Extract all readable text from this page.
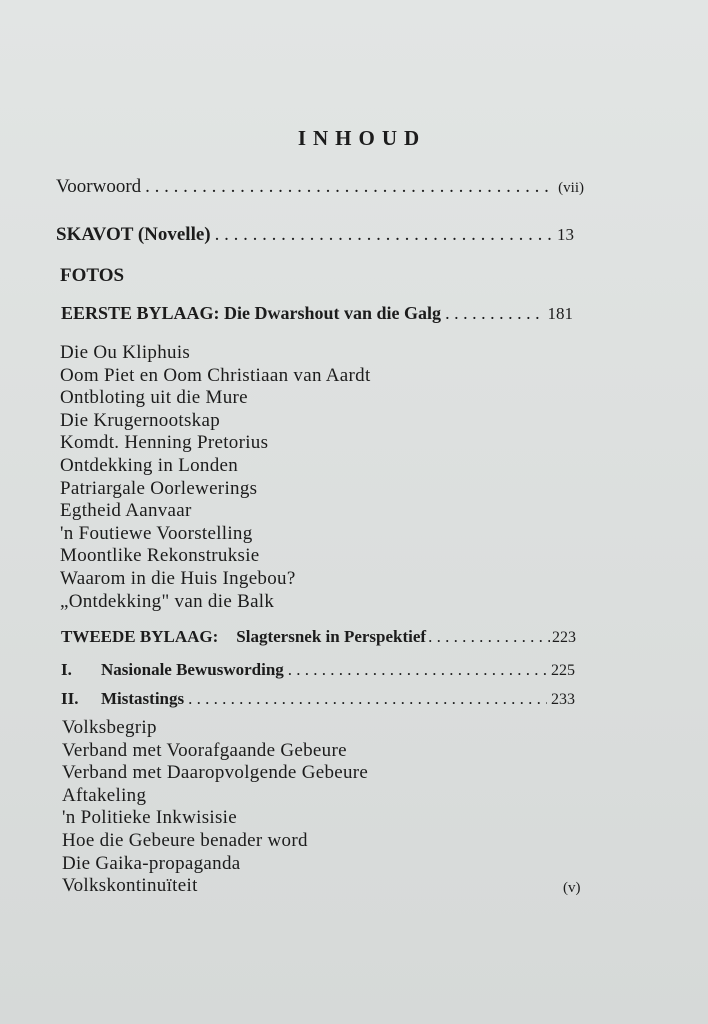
INHOUD
Voorwoord . . .	(vii)
SKAVOT (Novelle) . . .	13
FOTOS
EERSTE BYLAAG: Die Dwarshout van die Galg . . .	181
Die Ou Kliphuis
Oom Piet en Oom Christiaan van Aardt
Ontbloting uit die Mure
Die Krugernootskap
Komdt. Henning Pretorius
Ontdekking in Londen
Patriargale Oorlewerings
Egtheid Aanvaar
'n Foutiewe Voorstelling
Moontlike Rekonstruksie
Waarom in die Huis Ingebou?
„Ontdekking" van die Balk
TWEEDE BYLAAG: Slagtersnek in Perspektief . . .	223
I.	Nasionale Bewuswording . . .	225
II.	Mistastings . . .	233
Volksbegrip
Verband met Voorafgaande Gebeure
Verband met Daaropvolgende Gebeure
Aftakeling
'n Politieke Inkwisisie
Hoe die Gebeure benader word
Die Gaika-propaganda
Volkskontinuïteit	(v)
